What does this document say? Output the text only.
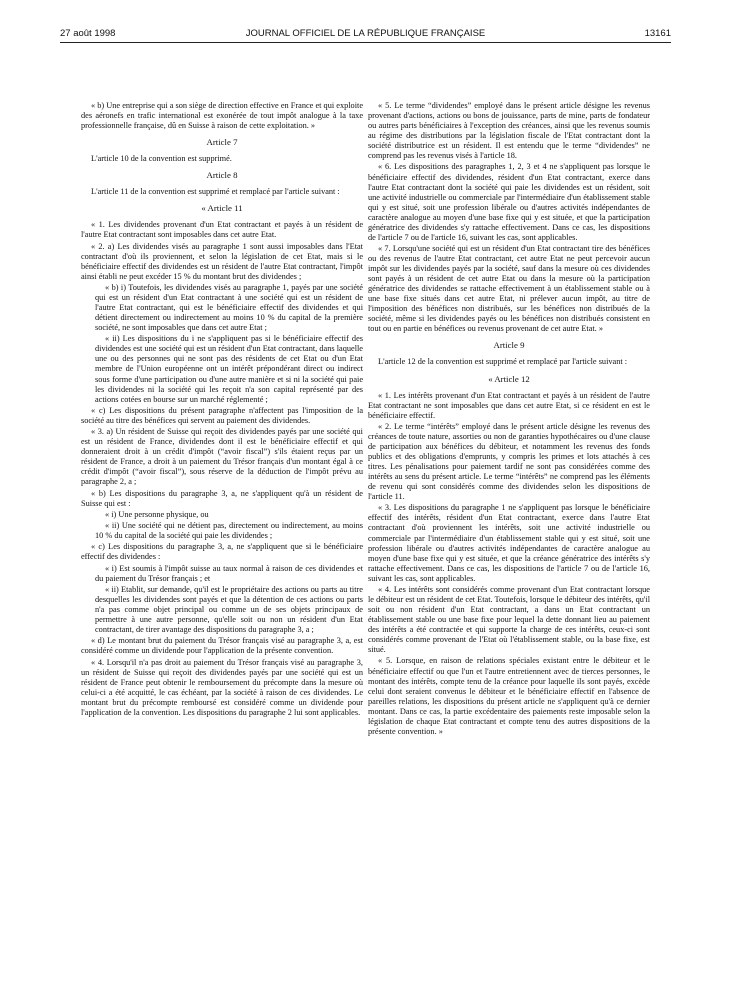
27 août 1998	JOURNAL OFFICIEL DE LA RÉPUBLIQUE FRANÇAISE	13161

« b) Une entreprise qui a son siège de direction effective en France et qui exploite des aéronefs en trafic international est exonérée de tout impôt analogue à la taxe professionnelle française, dû en Suisse à raison de cette exploitation. »

Article 7

L'article 10 de la convention est supprimé.

Article 8

L'article 11 de la convention est supprimé et remplacé par l'article suivant :

« Article 11

« 1. Les dividendes provenant d'un Etat contractant et payés à un résident de l'autre Etat contractant sont imposables dans cet autre Etat.

« 2. a) Les dividendes visés au paragraphe 1 sont aussi imposables dans l'Etat contractant d'où ils proviennent, et selon la législation de cet Etat, mais si le bénéficiaire effectif des dividendes est un résident de l'autre Etat contractant, l'impôt ainsi établi ne peut excéder 15 % du montant brut des dividendes ;

« b) i) Toutefois, les dividendes visés au paragraphe 1, payés par une société qui est un résident d'un Etat contractant à une société qui est un résident de l'autre Etat contractant, qui est le bénéficiaire effectif des dividendes et qui détient directement ou indirectement au moins 10 % du capital de la première société, ne sont imposables que dans cet autre Etat ;

« ii) Les dispositions du i ne s'appliquent pas si le bénéficiaire effectif des dividendes est une société qui est un résident d'un Etat contractant, dans laquelle une ou des personnes qui ne sont pas des résidents de cet Etat ou d'un Etat membre de l'Union européenne ont un intérêt prépondérant direct ou indirect sous forme d'une participation ou d'une autre manière et si ni la société qui paie les dividendes ni la société qui les reçoit n'a son capital représenté par des actions cotées en bourse sur un marché réglementé ;

« c) Les dispositions du présent paragraphe n'affectent pas l'imposition de la société au titre des bénéfices qui servent au paiement des dividendes.

« 3. a) Un résident de Suisse qui reçoit des dividendes payés par une société qui est un résident de France, dividendes dont il est le bénéficiaire effectif et qui donneraient droit à un crédit d'impôt (“avoir fiscal”) s'ils étaient reçus par un résident de France, a droit à un paiement du Trésor français d'un montant égal à ce crédit d'impôt (“avoir fiscal”), sous réserve de la déduction de l'impôt prévu au paragraphe 2, a ;

« b) Les dispositions du paragraphe 3, a, ne s'appliquent qu'à un résident de Suisse qui est :

« i) Une personne physique, ou

« ii) Une société qui ne détient pas, directement ou indirectement, au moins 10 % du capital de la société qui paie les dividendes ;

« c) Les dispositions du paragraphe 3, a, ne s'appliquent que si le bénéficiaire effectif des dividendes :

« i) Est soumis à l'impôt suisse au taux normal à raison de ces dividendes et du paiement du Trésor français ; et

« ii) Etablit, sur demande, qu'il est le propriétaire des actions ou parts au titre desquelles les dividendes sont payés et que la détention de ces actions ou parts n'a pas comme objet principal ou comme un de ses objets principaux de permettre à une autre personne, qu'elle soit ou non un résident d'un Etat contractant, de tirer avantage des dispositions du paragraphe 3, a ;

« d) Le montant brut du paiement du Trésor français visé au paragraphe 3, a, est considéré comme un dividende pour l'application de la présente convention.

« 4. Lorsqu'il n'a pas droit au paiement du Trésor français visé au paragraphe 3, un résident de Suisse qui reçoit des dividendes payés par une société qui est un résident de France peut obtenir le remboursement du précompte dans la mesure où celui-ci a été acquitté, le cas échéant, par la société à raison de ces dividendes. Le montant brut du précompte remboursé est considéré comme un dividende pour l'application de la convention. Les dispositions du paragraphe 2 lui sont applicables.

« 5. Le terme “dividendes” employé dans le présent article désigne les revenus provenant d'actions, actions ou bons de jouissance, parts de mine, parts de fondateur ou autres parts bénéficiaires à l'exception des créances, ainsi que les revenus soumis au régime des distributions par la législation fiscale de l'Etat contractant dont la société distributrice est un résident. Il est entendu que le terme “dividendes” ne comprend pas les revenus visés à l'article 18.

« 6. Les dispositions des paragraphes 1, 2, 3 et 4 ne s'appliquent pas lorsque le bénéficiaire effectif des dividendes, résident d'un Etat contractant, exerce dans l'autre Etat contractant dont la société qui paie les dividendes est un résident, soit une activité industrielle ou commerciale par l'intermédiaire d'un établissement stable qui y est situé, soit une profession libérale ou d'autres activités indépendantes de caractère analogue au moyen d'une base fixe qui y est située, et que la participation génératrice des dividendes s'y rattache effectivement. Dans ce cas, les dispositions de l'article 7 ou de l'article 16, suivant les cas, sont applicables.

« 7. Lorsqu'une société qui est un résident d'un Etat contractant tire des bénéfices ou des revenus de l'autre Etat contractant, cet autre Etat ne peut percevoir aucun impôt sur les dividendes payés par la société, sauf dans la mesure où ces dividendes sont payés à un résident de cet autre Etat ou dans la mesure où la participation génératrice des dividendes se rattache effectivement à un établissement stable ou à une base fixe situés dans cet autre Etat, ni prélever aucun impôt, au titre de l'imposition des bénéfices non distribués, sur les bénéfices non distribués de la société, même si les dividendes payés ou les bénéfices non distribués consistent en tout ou en partie en bénéfices ou revenus provenant de cet autre Etat. »

Article 9

L'article 12 de la convention est supprimé et remplacé par l'article suivant :

« Article 12

« 1. Les intérêts provenant d'un Etat contractant et payés à un résident de l'autre Etat contractant ne sont imposables que dans cet autre Etat, si ce résident en est le bénéficiaire effectif.

« 2. Le terme “intérêts” employé dans le présent article désigne les revenus des créances de toute nature, assorties ou non de garanties hypothécaires ou d'une clause de participation aux bénéfices du débiteur, et notamment les revenus des fonds publics et des obligations d'emprunts, y compris les primes et lots attachés à ces titres. Les pénalisations pour paiement tardif ne sont pas considérées comme des intérêts au sens du présent article. Le terme “intérêts” ne comprend pas les éléments de revenu qui sont considérés comme des dividendes selon les dispositions de l'article 11.

« 3. Les dispositions du paragraphe 1 ne s'appliquent pas lorsque le bénéficiaire effectif des intérêts, résident d'un Etat contractant, exerce dans l'autre Etat contractant d'où proviennent les intérêts, soit une activité industrielle ou commerciale par l'intermédiaire d'un établissement stable qui y est situé, soit une profession libérale ou d'autres activités indépendantes de caractère analogue au moyen d'une base fixe qui y est située, et que la créance génératrice des intérêts s'y rattache effectivement. Dans ce cas, les dispositions de l'article 7 ou de l'article 16, suivant les cas, sont applicables.

« 4. Les intérêts sont considérés comme provenant d'un Etat contractant lorsque le débiteur est un résident de cet Etat. Toutefois, lorsque le débiteur des intérêts, qu'il soit ou non résident d'un Etat contractant, a dans un Etat contractant un établissement stable ou une base fixe pour lequel la dette donnant lieu au paiement des intérêts a été contractée et qui supporte la charge de ces intérêts, ceux-ci sont considérés comme provenant de l'Etat où l'établissement stable, ou la base fixe, est situé.

« 5. Lorsque, en raison de relations spéciales existant entre le débiteur et le bénéficiaire effectif ou que l'un et l'autre entretiennent avec de tierces personnes, le montant des intérêts, compte tenu de la créance pour laquelle ils sont payés, excède celui dont seraient convenus le débiteur et le bénéficiaire effectif en l'absence de pareilles relations, les dispositions du présent article ne s'appliquent qu'à ce dernier montant. Dans ce cas, la partie excédentaire des paiements reste imposable selon la législation de chaque Etat contractant et compte tenu des autres dispositions de la présente convention. »
